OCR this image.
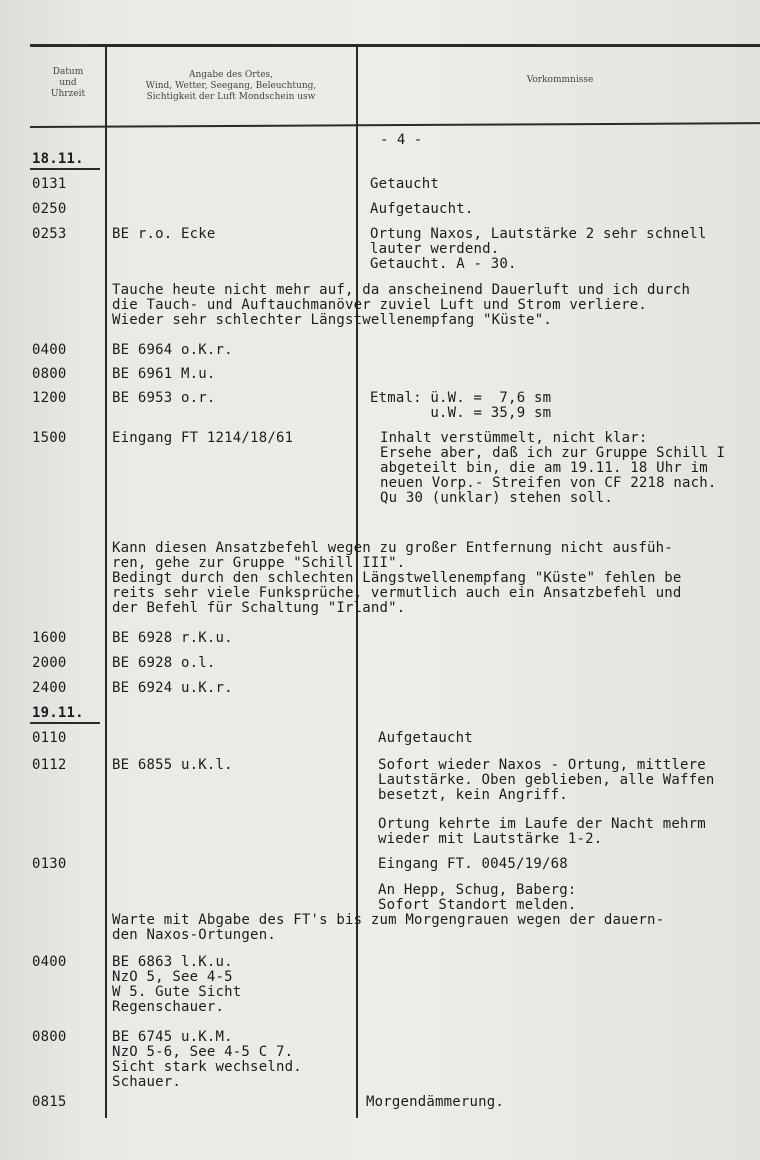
Datum
und
Uhrzeit
Angabe des Ortes,
Wind, Wetter, Seegang, Beleuchtung,
Sichtigkeit der Luft Mondschein usw
Vorkommnisse
- 4 -
18.11.
0131	Getaucht
0250	Aufgetaucht.
0253	BE r.o. Ecke	Ortung Naxos, Lautstärke 2 sehr schnell
lauter werdend.
Getaucht. A - 30.
0400	BE 6964 o.K.r.
0800	BE 6961 M.u.
1200	BE 6953 o.r.	Etmal: ü.W. =  7,6 sm
u.W. = 35,9 sm
1500	Eingang FT 1214/18/61	Inhalt verstümmelt, nicht klar:
Ersehe aber, daß ich zur Gruppe Schill I
abgeteilt bin, die am 19.11. 18 Uhr im
neuen Vorp.- Streifen von CF 2218 nach.
Qu 30 (unklar) stehen soll.
1600	BE 6928 r.K.u.
2000	BE 6928 o.l.
2400	BE 6924 u.K.r.
19.11.
0110	Aufgetaucht
0112	BE 6855 u.K.l.	Sofort wieder Naxos - Ortung, mittlere
Lautstärke. Oben geblieben, alle Waffen
besetzt, kein Angriff.
Ortung kehrte im Laufe der Nacht mehrm
wieder mit Lautstärke 1-2.
0130	Eingang FT. 0045/19/68
An Hepp, Schug, Baberg:
Sofort Standort melden.
0400	BE 6863 l.K.u.
NzO 5, See 4-5
W 5. Gute Sicht
Regenschauer.
0800	BE 6745 u.K.M.
NzO 5-6, See 4-5 C 7.
Sicht stark wechselnd.
Schauer.
0815	Morgendämmerung.
Tauche heute nicht mehr auf, da anscheinend Dauerluft und ich durch
die Tauch- und Auftauchmanöver zuviel Luft und Strom verliere.
Wieder sehr schlechter Längstwellenempfang "Küste".
Kann diesen Ansatzbefehl wegen zu großer Entfernung nicht ausfüh-
ren, gehe zur Gruppe "Schill III".
Bedingt durch den schlechten Längstwellenempfang "Küste" fehlen be
reits sehr viele Funksprüche, vermutlich auch ein Ansatzbefehl und
der Befehl für Schaltung "Irland".
Warte mit Abgabe des FT's bis zum Morgengrauen wegen der dauern-
den Naxos-Ortungen.
